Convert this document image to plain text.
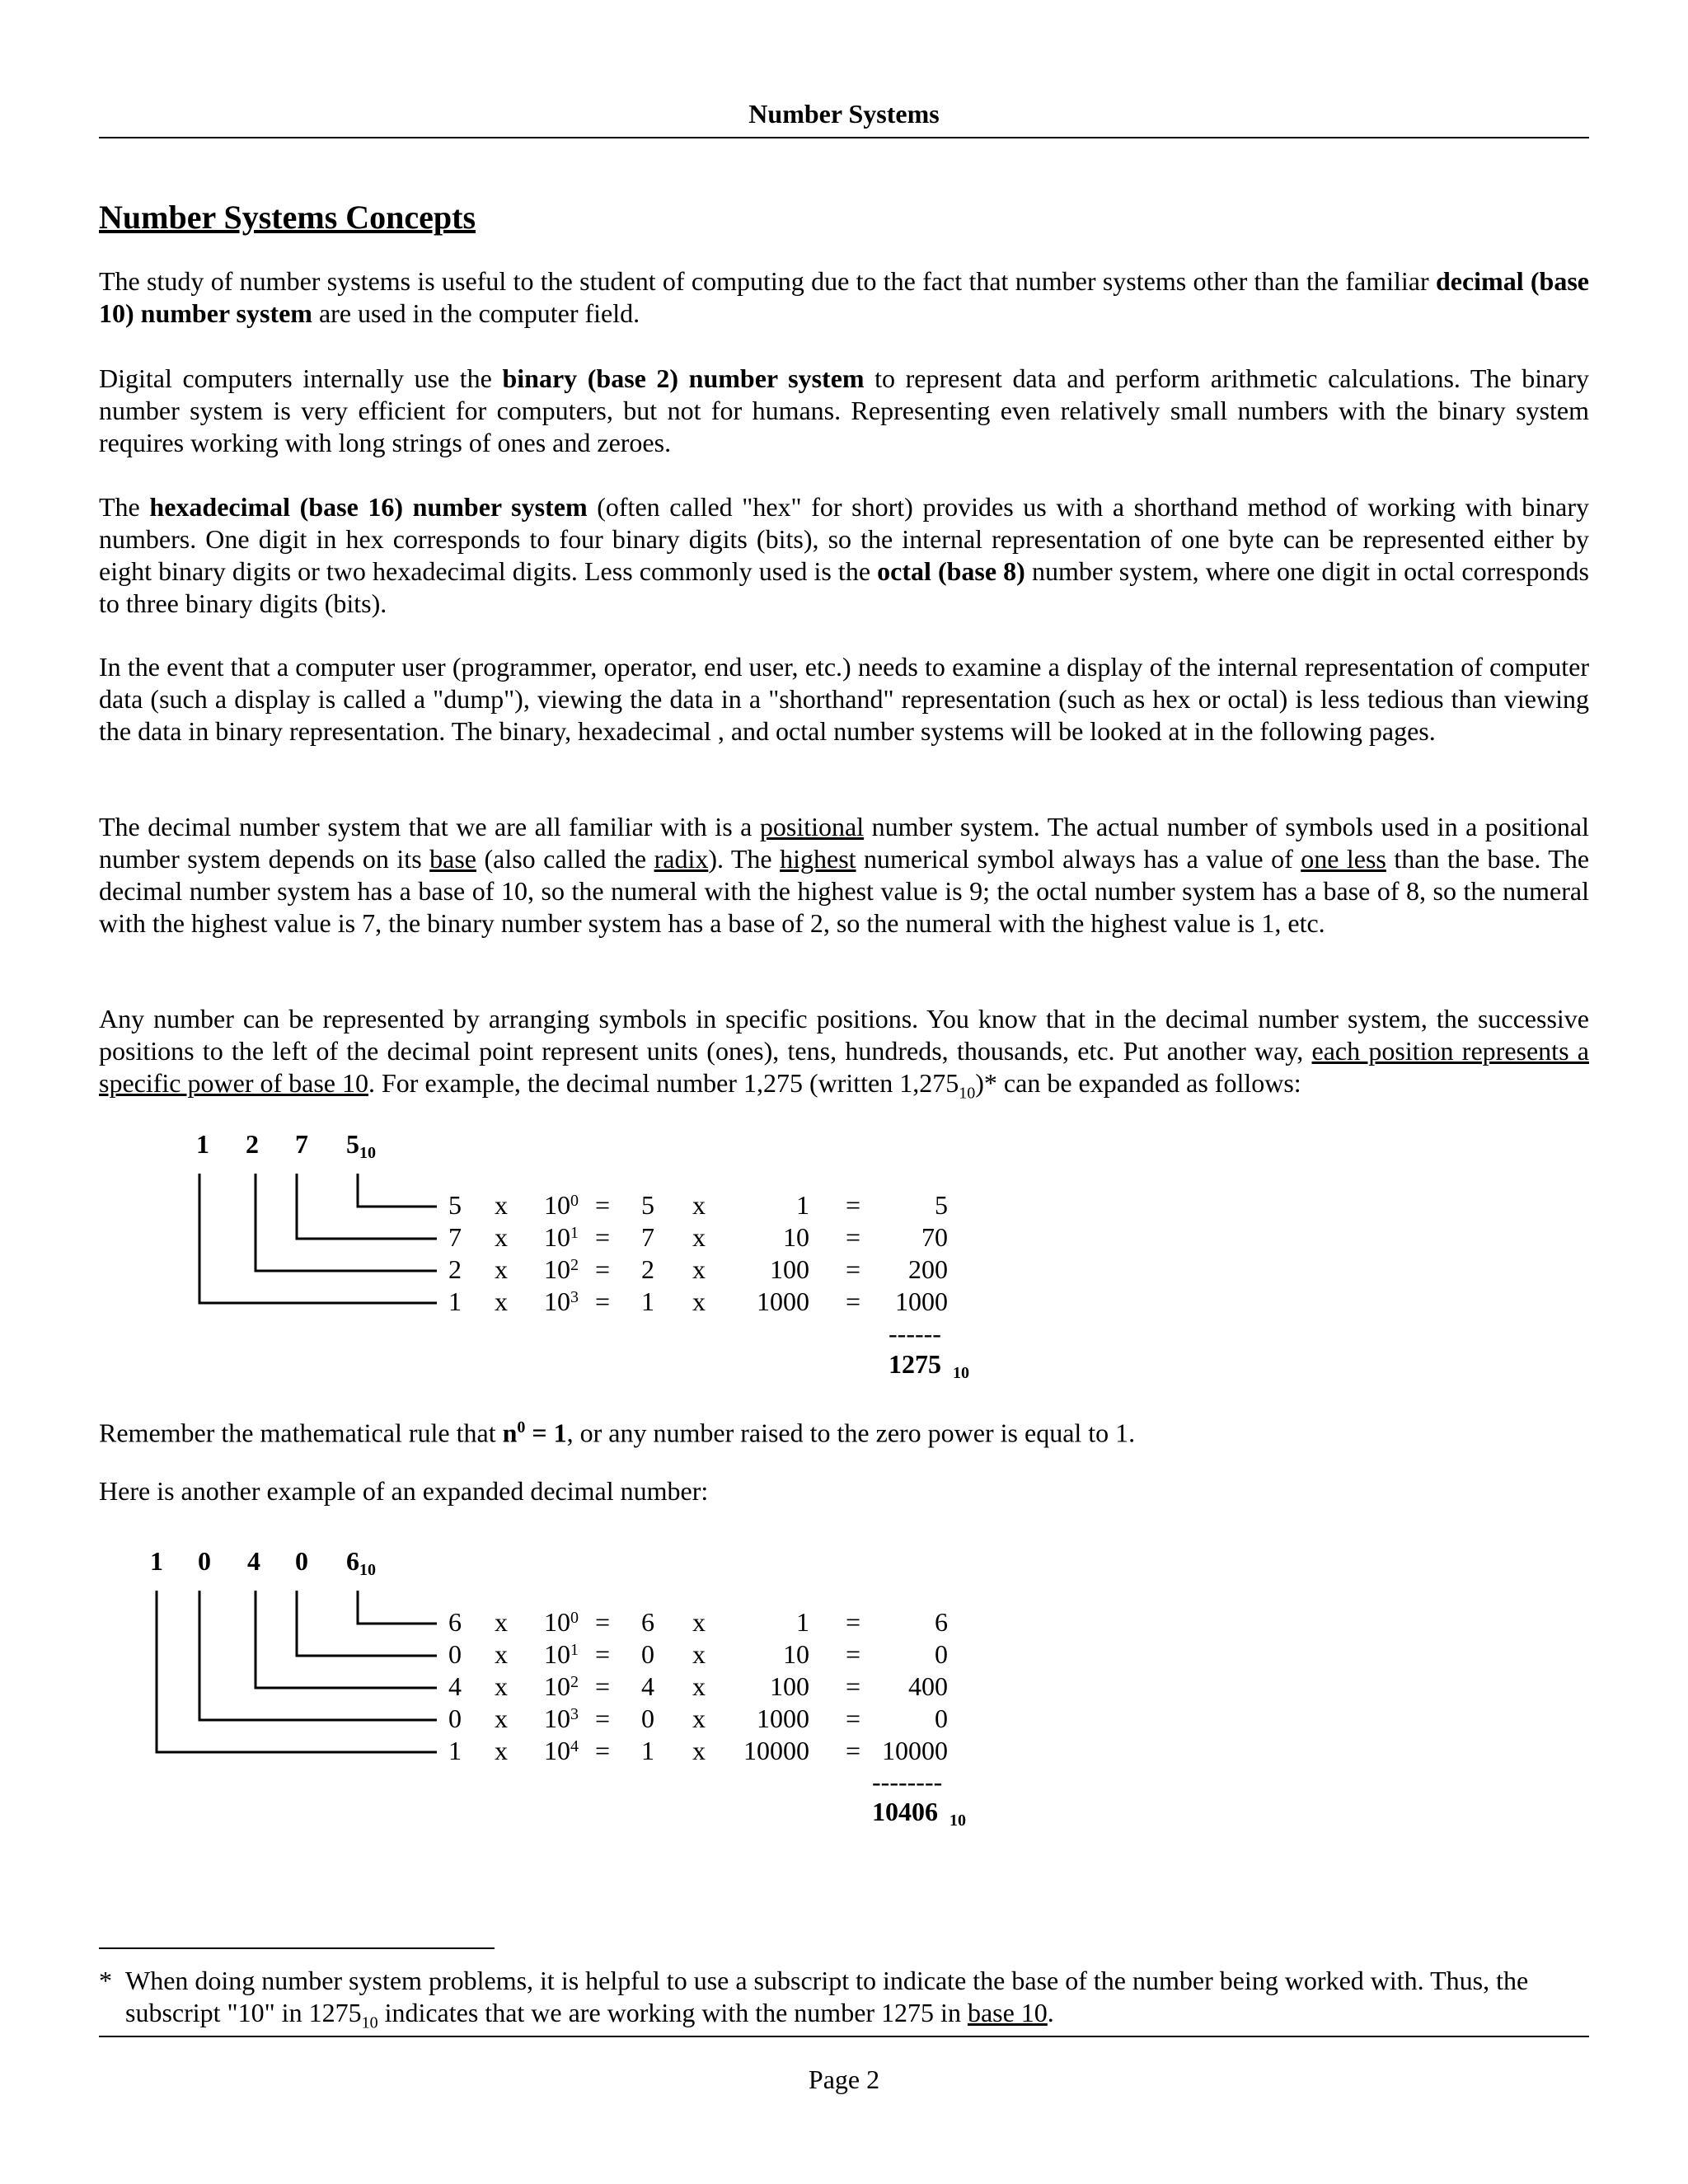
Number Systems
Number Systems Concepts
The study of number systems is useful to the student of computing due to the fact that number systems other than the familiar decimal (base 10) number system are used in the computer field.
Digital computers internally use the binary (base 2) number system to represent data and perform arithmetic calculations. The binary number system is very efficient for computers, but not for humans. Representing even relatively small numbers with the binary system requires working with long strings of ones and zeroes.
The hexadecimal (base 16) number system (often called "hex" for short) provides us with a shorthand method of working with binary numbers. One digit in hex corresponds to four binary digits (bits), so the internal representation of one byte can be represented either by eight binary digits or two hexadecimal digits. Less commonly used is the octal (base 8) number system, where one digit in octal corresponds to three binary digits (bits).
In the event that a computer user (programmer, operator, end user, etc.) needs to examine a display of the internal representation of computer data (such a display is called a "dump"), viewing the data in a "shorthand" representation (such as hex or octal) is less tedious than viewing the data in binary representation. The binary, hexadecimal , and octal number systems will be looked at in the following pages.
The decimal number system that we are all familiar with is a positional number system. The actual number of symbols used in a positional number system depends on its base (also called the radix). The highest numerical symbol always has a value of one less than the base. The decimal number system has a base of 10, so the numeral with the highest value is 9; the octal number system has a base of 8, so the numeral with the highest value is 7, the binary number system has a base of 2, so the numeral with the highest value is 1, etc.
Any number can be represented by arranging symbols in specific positions. You know that in the decimal number system, the successive positions to the left of the decimal point represent units (ones), tens, hundreds, thousands, etc. Put another way, each position represents a specific power of base 10. For example, the decimal number 1,275 (written $1,275_{10})*$ can be expanded as follows:
1 2 7 $5_{10}$
5 x $10^0 = 5$ x	1 =	5
7 x $10^1 = 7$ x	10 =	70
2 x $10^2 = 2$ x	100 =	200
1 x $10^3 = 1$ x	1000 =	1000
------
1275 $_{10}$
Remember the mathematical rule that $n^0 = 1$, or any number raised to the zero power is equal to 1.
Here is another example of an expanded decimal number:
1 0 4 0 $6_{10}$
6 x $10^0 = 6$ x	1 =	6
0 x $10^1 = 0$ x	10 =	0
4 x $10^2 = 4$ x	100 =	400
0 x $10^3 = 0$ x	1000 =	0
1 x $10^4 = 1$ x	10000 = 10000
--------
10406 $_{10}$
* When doing number system problems, it is helpful to use a subscript to indicate the base of the number being worked with. Thus, the subscript "10" in $1275_{10}$ indicates that we are working with the number 1275 in base 10.
Page 2
